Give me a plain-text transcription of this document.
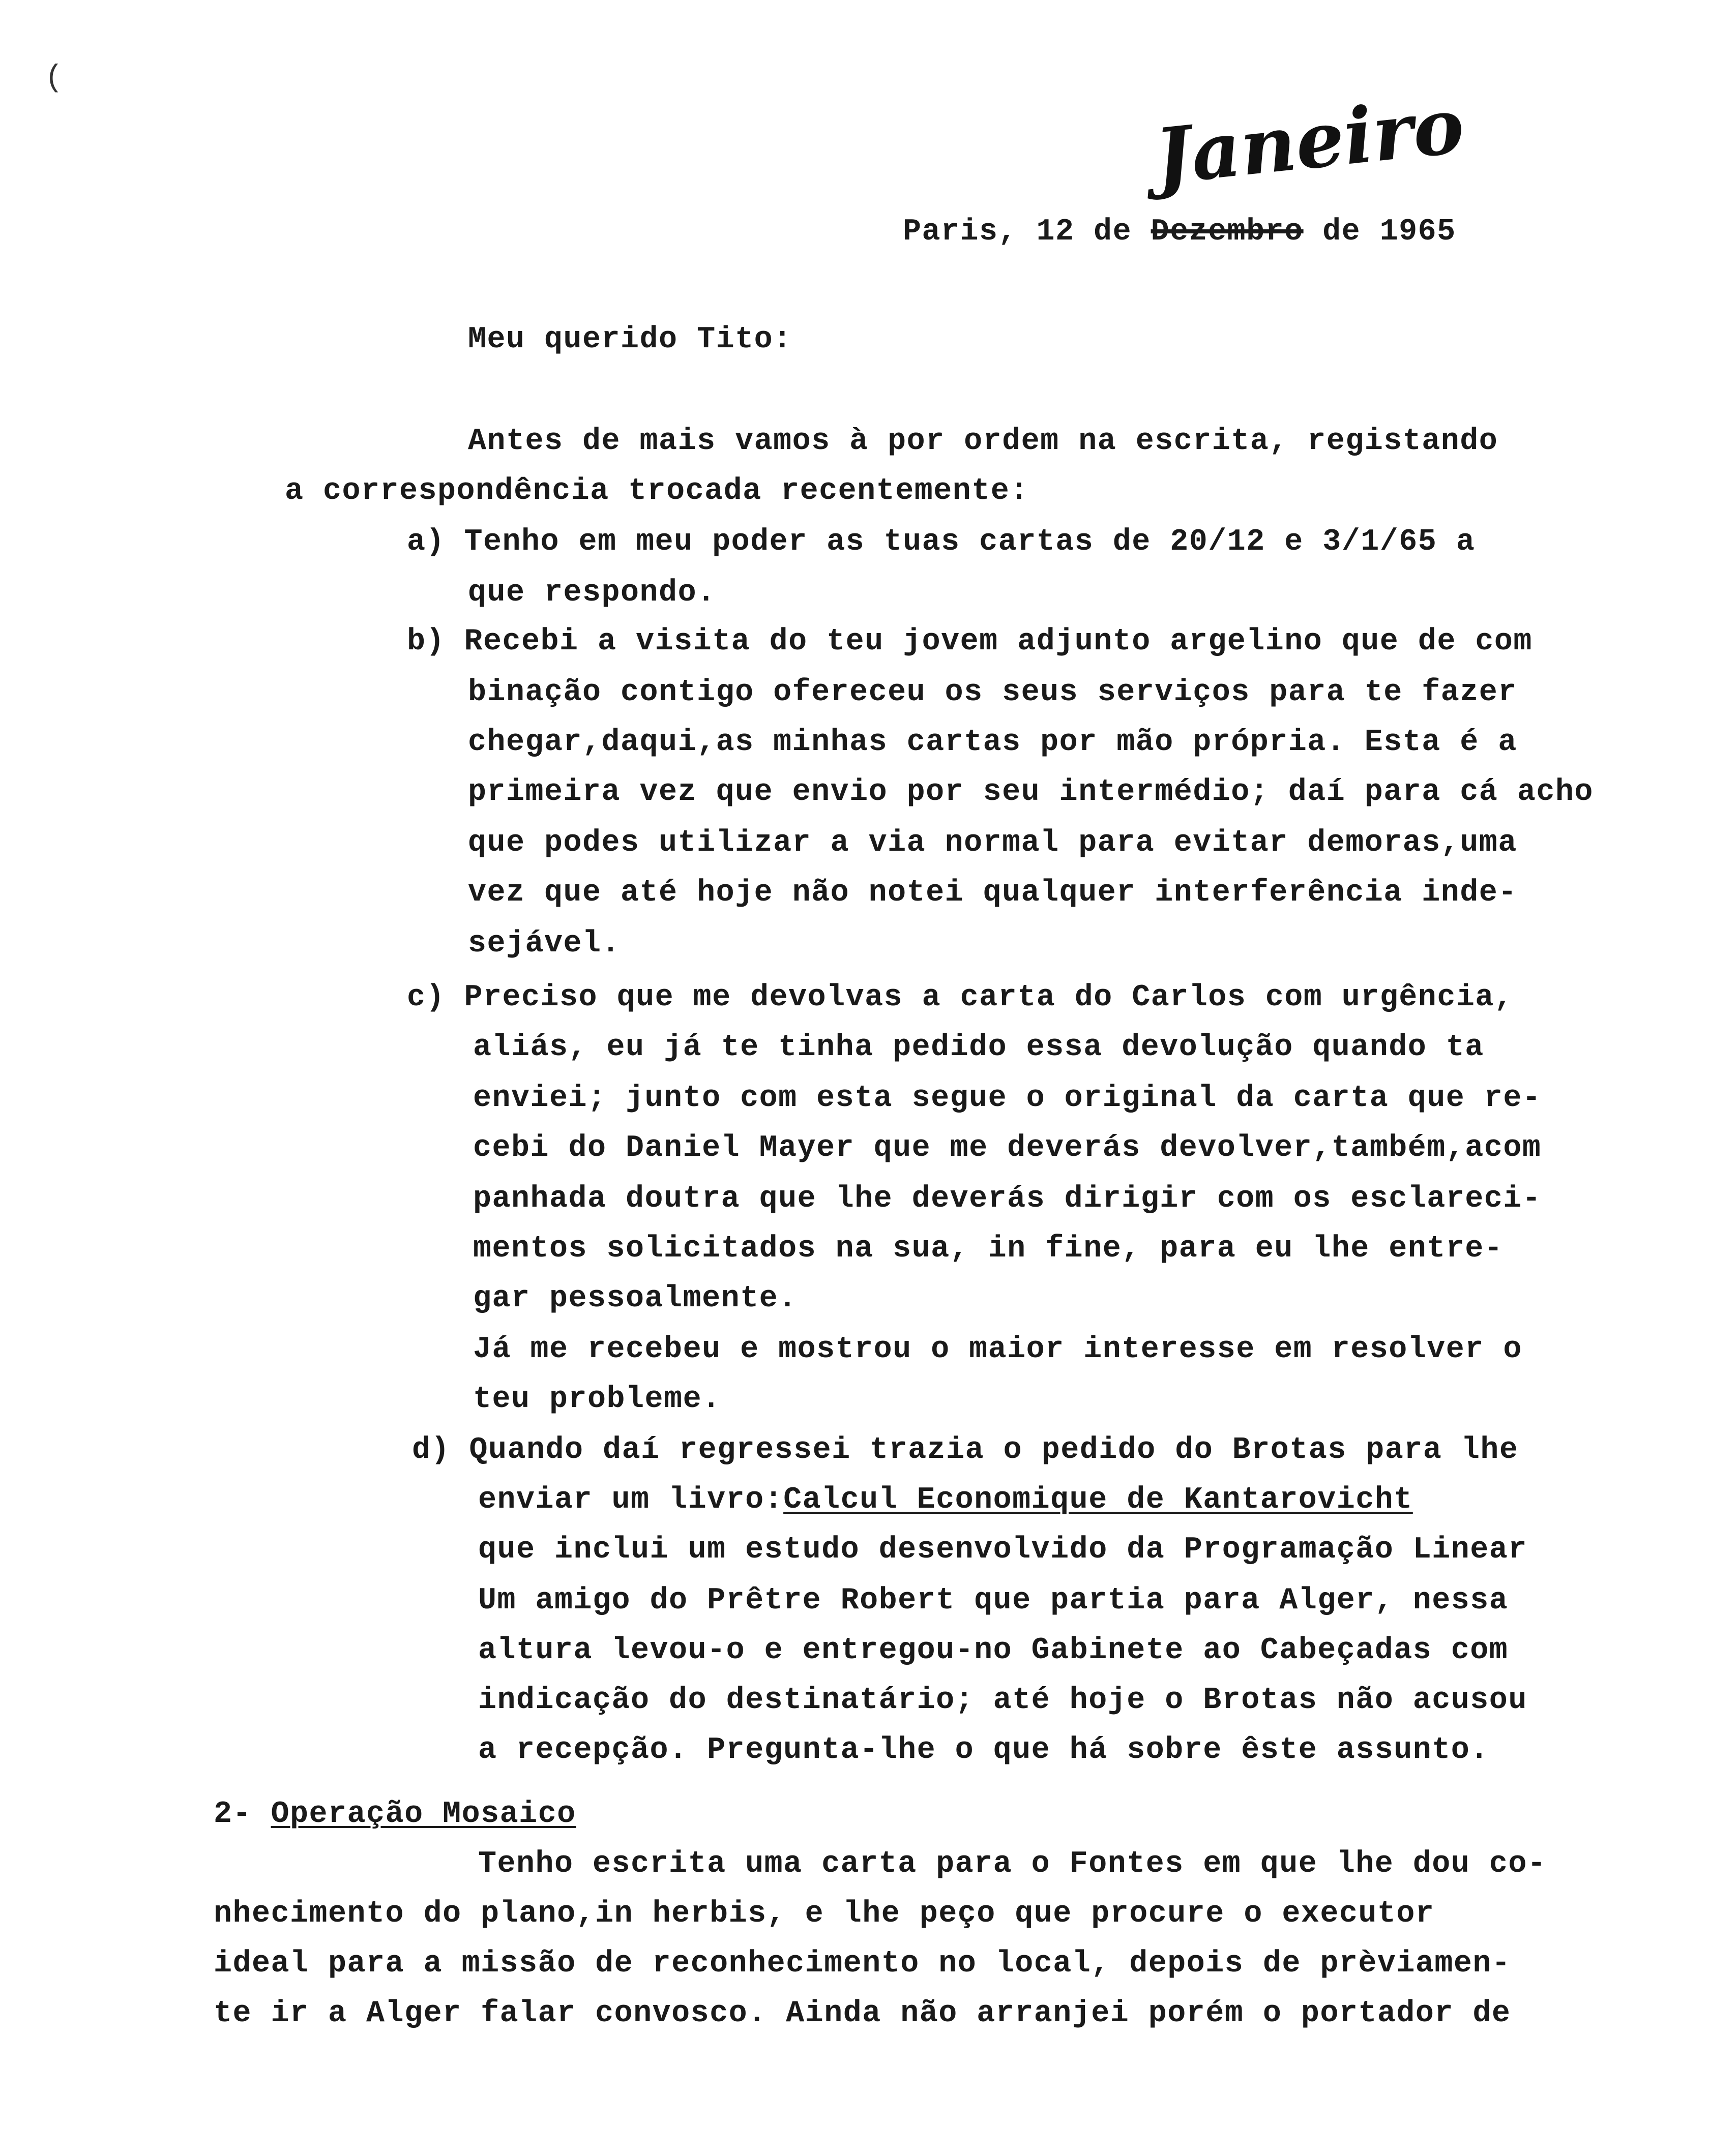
(
Janeiro
Paris, 12 de Dezembro de 1965
Meu querido Tito:
Antes de mais vamos à por ordem na escrita, registando
a correspondência trocada recentemente:
a) Tenho em meu poder as tuas cartas de 20/12 e 3/1/65 a
que respondo.
b) Recebi a visita do teu jovem adjunto argelino que de com
binação contigo ofereceu os seus serviços para te fazer
chegar,daqui,as minhas cartas por mão própria. Esta é a
primeira vez que envio por seu intermédio; daí para cá acho
que podes utilizar a via normal para evitar demoras,uma
vez que até hoje não notei qualquer interferência inde-
sejável.
c) Preciso que me devolvas a carta do Carlos com urgência,
aliás, eu já te tinha pedido essa devolução quando ta
enviei; junto com esta segue o original da carta que re-
cebi do Daniel Mayer que me deverás devolver,também,acom
panhada doutra que lhe deverás dirigir com os esclareci-
mentos solicitados na sua, in fine, para eu lhe entre-
gar pessoalmente.
Já me recebeu e mostrou o maior interesse em resolver o
teu probleme.
d) Quando daí regressei trazia o pedido do Brotas para lhe
enviar um livro:Calcul Economique de Kantarovicht
que inclui um estudo desenvolvido da Programação Linear
Um amigo do Prêtre Robert que partia para Alger, nessa
altura levou-o e entregou-no Gabinete ao Cabeçadas com
indicação do destinatário; até hoje o Brotas não acusou
a recepção. Pregunta-lhe o que há sobre êste assunto.
2- Operação Mosaico
Tenho escrita uma carta para o Fontes em que lhe dou co-
nhecimento do plano,in herbis, e lhe peço que procure o executor
ideal para a missão de reconhecimento no local, depois de prèviamen-
te ir a Alger falar convosco. Ainda não arranjei porém o portador de
